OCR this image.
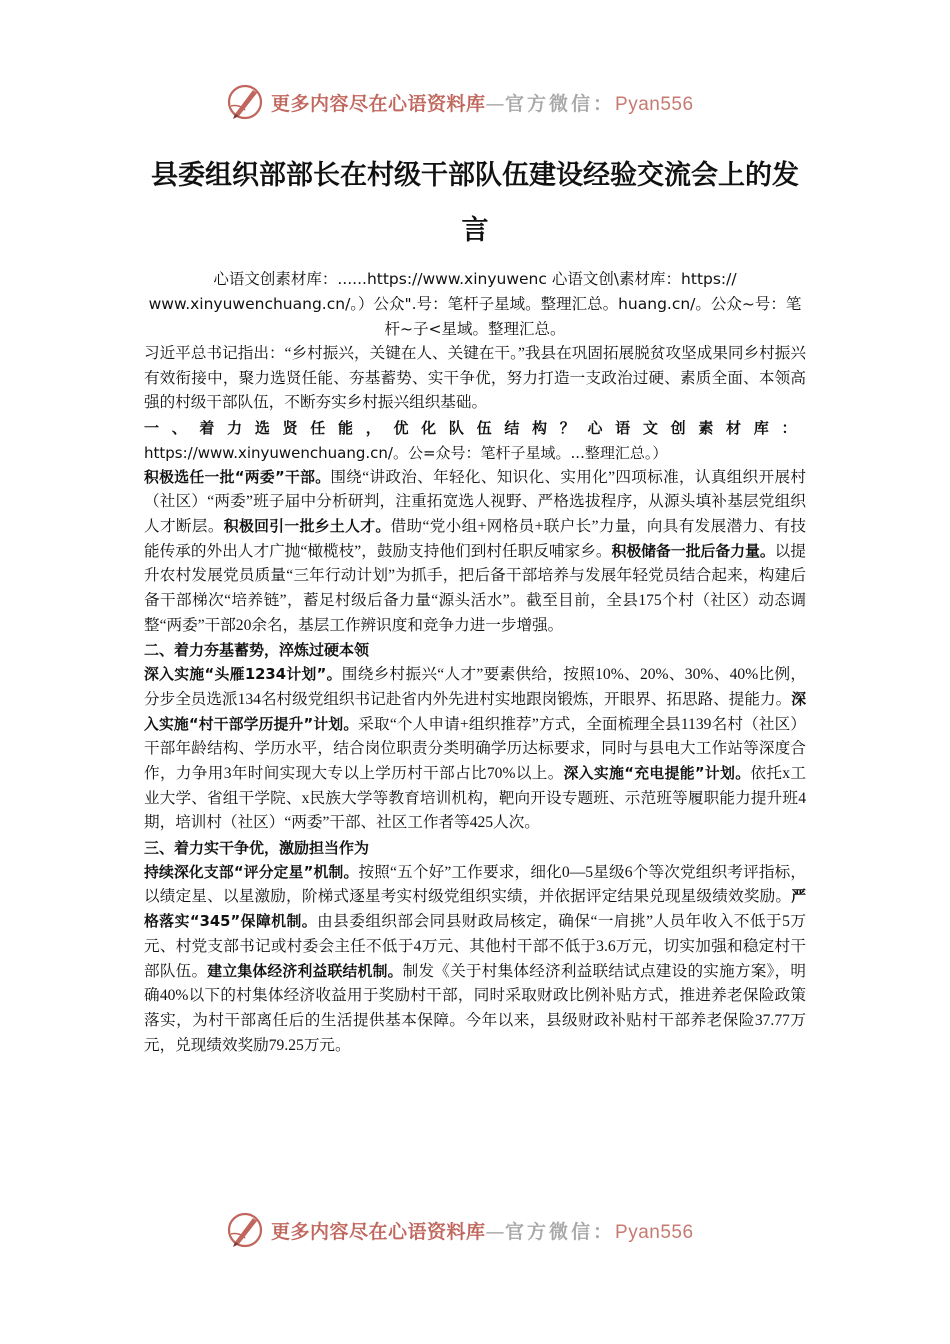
更多内容尽在心语资料库—官方微信：Pyan556
县委组织部部长在村级干部队伍建设经验交流会上的发言

心语文创素材库：......https://www.xinyuwenc 心语文创\素材库：https:// www.xinyuwenchuang.cn/。）公众".号：笔杆子星域。整理汇总。huang.cn/。公众~号：笔杆~子<星域。整理汇总。

习近平总书记指出：“乡村振兴，关键在人、关键在干。”我县在巩固拓展脱贫攻坚成果同乡村振兴有效衔接中，聚力选贤任能、夯基蓄势、实干争优，努力打造一支政治过硬、素质全面、本领高强的村级干部队伍，不断夯实乡村振兴组织基础。

一、着力选贤任能，优化队伍结构？心语文创素材库：https://www.xinyuwenchuang.cn/。公=众号：笔杆子星域。...整理汇总。）

积极选任一批“两委”干部。围绕“讲政治、年轻化、知识化、实用化”四项标准，认真组织开展村（社区）“两委”班子届中分析研判，注重拓宽选人视野、严格选拔程序，从源头填补基层党组织人才断层。积极回引一批乡土人才。借助“党小组+网格员+联户长”力量，向具有发展潜力、有技能传承的外出人才广抛“橄榄枝”，鼓励支持他们到村任职反哺家乡。积极储备一批后备力量。以提升农村发展党员质量“三年行动计划”为抓手，把后备干部培养与发展年轻党员结合起来，构建后备干部梯次“培养链”，蓄足村级后备力量“源头活水”。截至目前，全县175个村（社区）动态调整“两委”干部20余名，基层工作辨识度和竞争力进一步增强。

二、着力夯基蓄势，淬炼过硬本领

深入实施“头雁1234计划”。围绕乡村振兴“人才”要素供给，按照10%、20%、30%、40%比例，分步全员选派134名村级党组织书记赴省内外先进村实地跟岗锻炼，开眼界、拓思路、提能力。深入实施“村干部学历提升”计划。采取“个人申请+组织推荐”方式，全面梳理全县1139名村（社区）干部年龄结构、学历水平，结合岗位职责分类明确学历达标要求，同时与县电大工作站等深度合作，力争用3年时间实现大专以上学历村干部占比70%以上。深入实施“充电提能”计划。依托x工业大学、省组干学院、x民族大学等教育培训机构，靶向开设专题班、示范班等履职能力提升班4期，培训村（社区）“两委”干部、社区工作者等425人次。

三、着力实干争优，激励担当作为

持续深化支部“评分定星”机制。按照“五个好”工作要求，细化0—5星级6个等次党组织考评指标，以绩定星、以星激励，阶梯式逐星考实村级党组织实绩，并依据评定结果兑现星级绩效奖励。严格落实“345”保障机制。由县委组织部会同县财政局核定，确保“一肩挑”人员年收入不低于5万元、村党支部书记或村委会主任不低于4万元、其他村干部不低于3.6万元，切实加强和稳定村干部队伍。建立集体经济利益联结机制。制发《关于村集体经济利益联结试点建设的实施方案》，明确40%以下的村集体经济收益用于奖励村干部，同时采取财政比例补贴方式，推进养老保险政策落实，为村干部离任后的生活提供基本保障。今年以来，县级财政补贴村干部养老保险37.77万元，兑现绩效奖励79.25万元。

更多内容尽在心语资料库—官方微信：Pyan556
